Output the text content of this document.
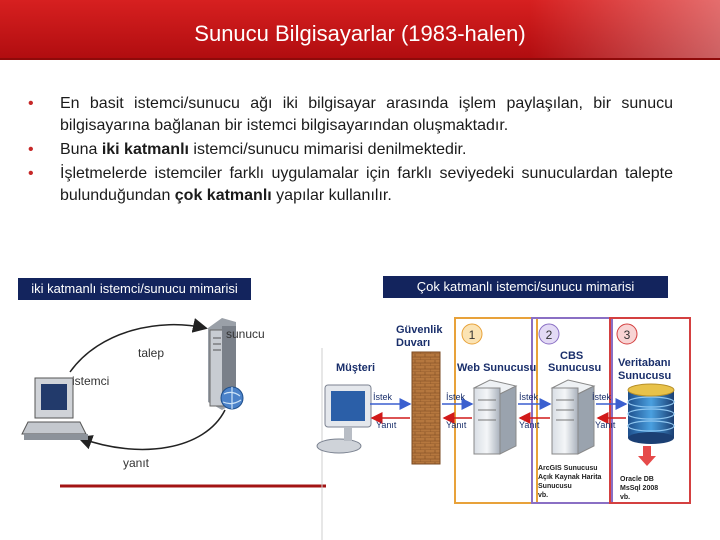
Sunucu Bilgisayarlar (1983-halen)
• En basit istemci/sunucu ağı iki bilgisayar arasında işlem paylaşılan, bir sunucu bilgisayarına bağlanan bir istemci bilgisayarından oluşmaktadır.
• Buna iki katmanlı istemci/sunucu mimarisi denilmektedir.
• İşletmelerde istemciler farklı uygulamalar için farklı seviyedeki sunuculardan talepte bulunduğundan çok katmanlı yapılar kullanılır.
iki katmanlı istemci/sunucu mimarisi	Çok katmanlı istemci/sunucu mimarisi
sunucu
talep
yanıt
istemci
1	2	3
Güvenlik
Duvarı
Müşteri	Web Sunucusu
CBS
Sunucusu
ArcGIS Sunucusu
Açık Kaynak Harita
Sunucusu
vb.
Veritabanı
Sunucusu
Oracle DB
MsSql 2008
vb.
İstek
Yanıt
İstek
Yanıt
İstek
Yanıt
İstek
Yanıt
